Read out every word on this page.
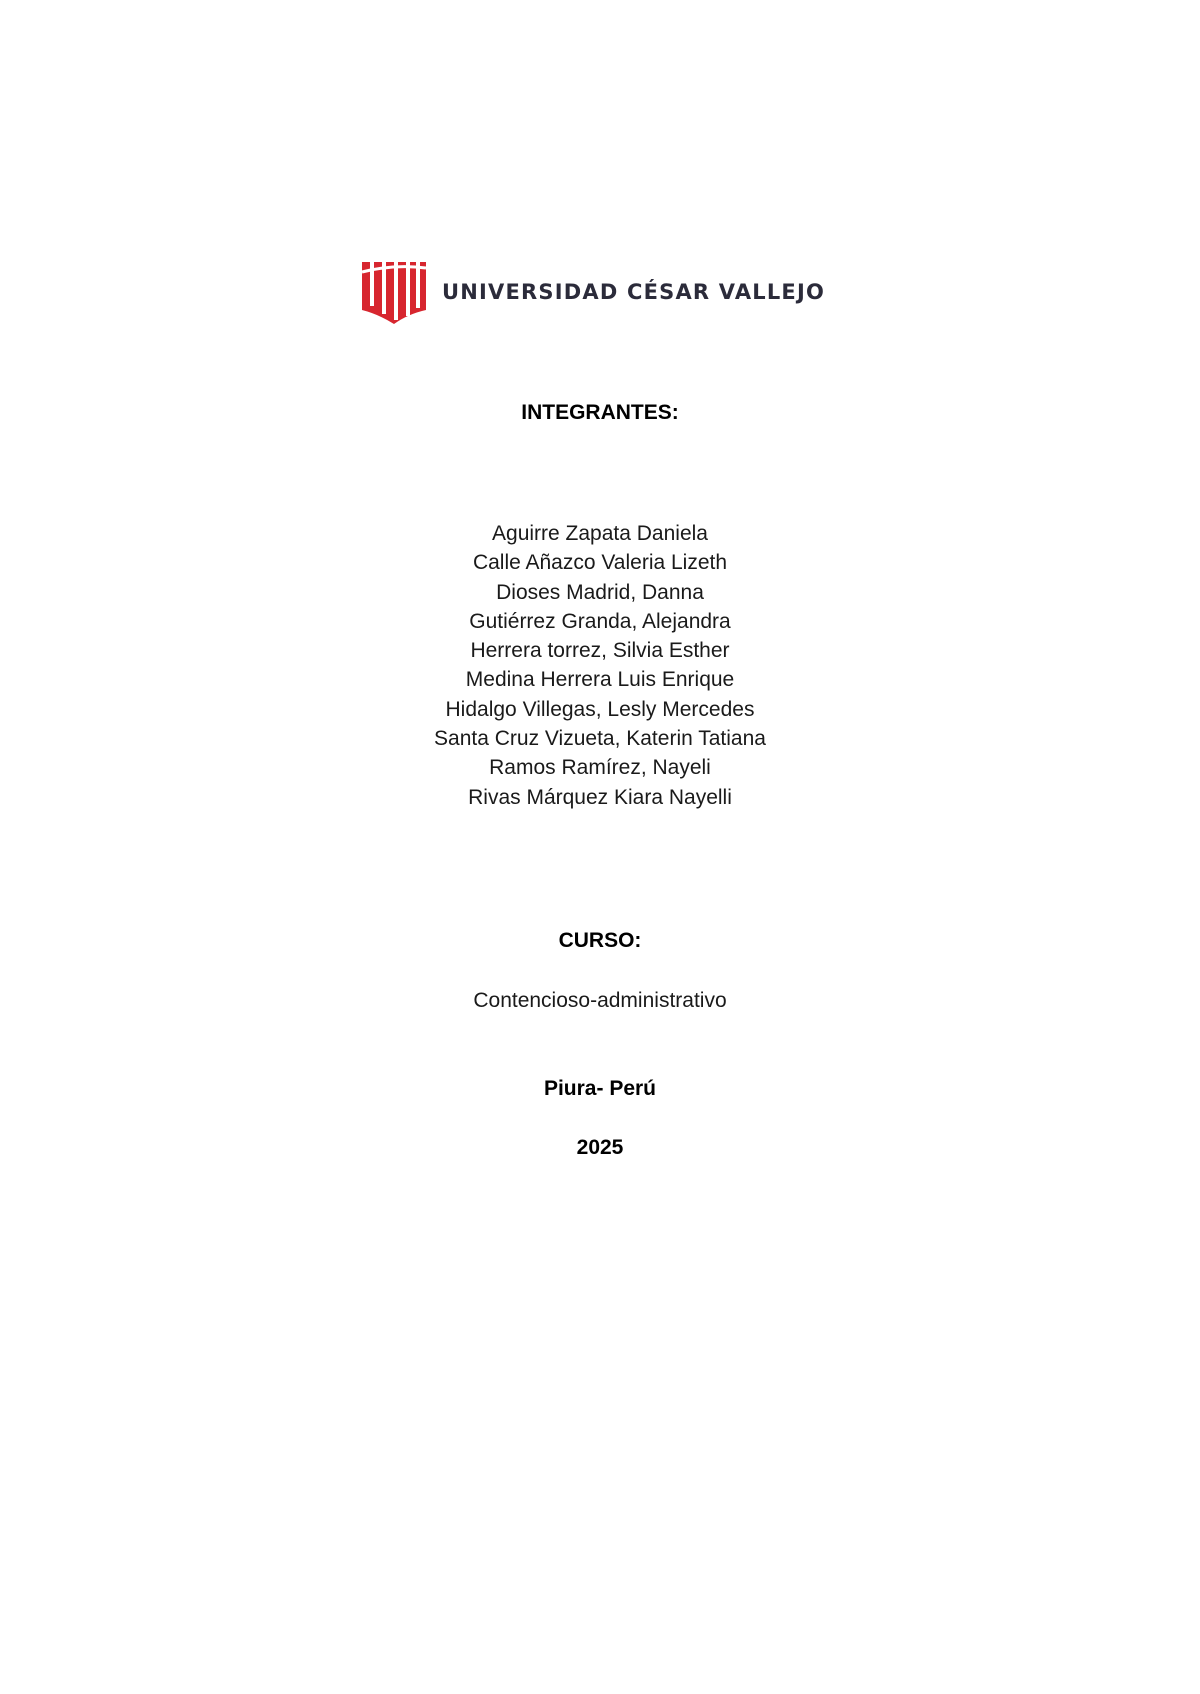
UNIVERSIDAD CÉSAR VALLEJO
INTEGRANTES:
Aguirre Zapata Daniela
Calle Añazco Valeria Lizeth
Dioses Madrid, Danna
Gutiérrez Granda, Alejandra
Herrera torrez, Silvia Esther
Medina Herrera Luis Enrique
Hidalgo Villegas, Lesly Mercedes
Santa Cruz Vizueta, Katerin Tatiana
Ramos Ramírez, Nayeli
Rivas Márquez Kiara Nayelli
CURSO:
Contencioso-administrativo
Piura- Perú
2025
